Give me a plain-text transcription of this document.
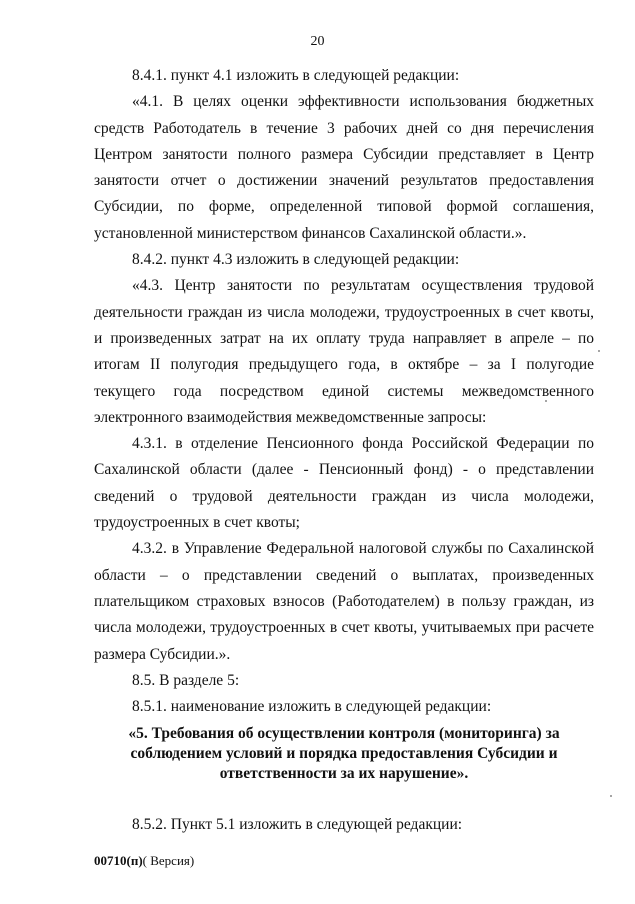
20

8.4.1. пункт 4.1 изложить в следующей редакции:

«4.1. В целях оценки эффективности использования бюджетных средств Работодатель в течение 3 рабочих дней со дня перечисления Центром занятости полного размера Субсидии представляет в Центр занятости отчет о достижении значений результатов предоставления Субсидии, по форме, определенной типовой формой соглашения, установленной министерством финансов Сахалинской области.».

8.4.2. пункт 4.3 изложить в следующей редакции:

«4.3. Центр занятости по результатам осуществления трудовой деятельности граждан из числа молодежи, трудоустроенных в счет квоты, и произведенных затрат на их оплату труда направляет в апреле – по итогам II полугодия предыдущего года, в октябре – за I полугодие текущего года посредством единой системы межведомственного электронного взаимодействия межведомственные запросы:

4.3.1. в отделение Пенсионного фонда Российской Федерации по Сахалинской области (далее - Пенсионный фонд) - о представлении сведений о трудовой деятельности граждан из числа молодежи, трудоустроенных в счет квоты;

4.3.2. в Управление Федеральной налоговой службы по Сахалинской области – о представлении сведений о выплатах, произведенных плательщиком страховых взносов (Работодателем) в пользу граждан, из числа молодежи, трудоустроенных в счет квоты, учитываемых при расчете размера Субсидии.».

8.5. В разделе 5:

8.5.1. наименование изложить в следующей редакции:

«5. Требования об осуществлении контроля (мониторинга) за соблюдением условий и порядка предоставления Субсидии и ответственности за их нарушение».

8.5.2. Пункт 5.1 изложить в следующей редакции:

00710(п)( Версия)
